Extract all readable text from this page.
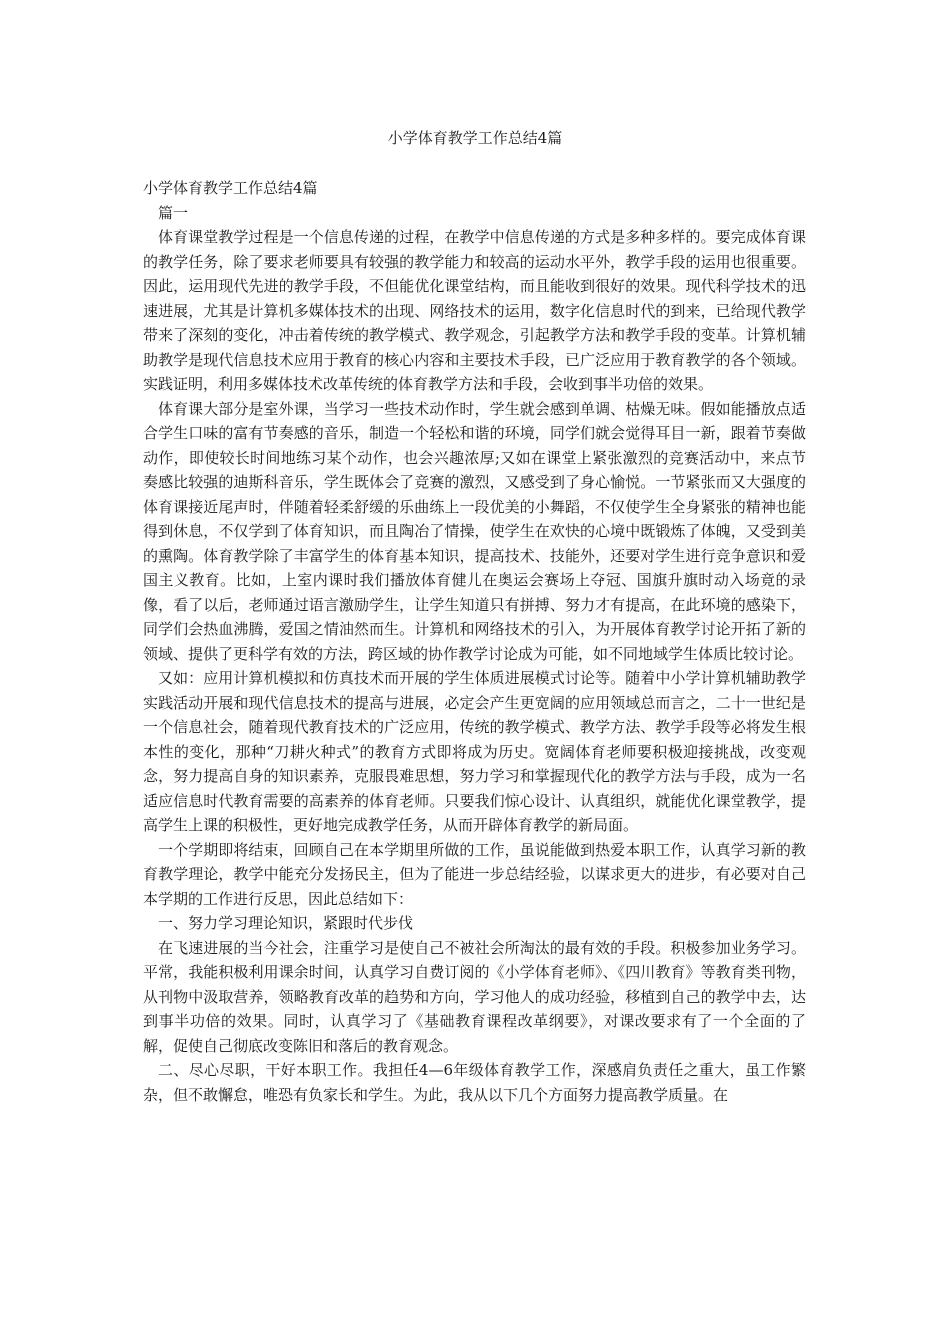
小学体育教学工作总结4篇

小学体育教学工作总结4篇

篇一

体育课堂教学过程是一个信息传递的过程，在教学中信息传递的方式是多种多样的。要完成体育课的教学任务，除了要求老师要具有较强的教学能力和较高的运动水平外，教学手段的运用也很重要。因此，运用现代先进的教学手段，不但能优化课堂结构，而且能收到很好的效果。现代科学技术的迅速进展，尤其是计算机多媒体技术的出现、网络技术的运用，数字化信息时代的到来，已给现代教学带来了深刻的变化，冲击着传统的教学模式、教学观念，引起教学方法和教学手段的变革。计算机辅助教学是现代信息技术应用于教育的核心内容和主要技术手段，已广泛应用于教育教学的各个领域。实践证明，利用多媒体技术改革传统的体育教学方法和手段，会收到事半功倍的效果。

体育课大部分是室外课，当学习一些技术动作时，学生就会感到单调、枯燥无味。假如能播放点适合学生口味的富有节奏感的音乐，制造一个轻松和谐的环境，同学们就会觉得耳目一新，跟着节奏做动作，即使较长时间地练习某个动作，也会兴趣浓厚;又如在课堂上紧张激烈的竞赛活动中，来点节奏感比较强的迪斯科音乐，学生既体会了竞赛的激烈，又感受到了身心愉悦。一节紧张而又大强度的体育课接近尾声时，伴随着轻柔舒缓的乐曲练上一段优美的小舞蹈，不仅使学生全身紧张的精神也能得到休息，不仅学到了体育知识，而且陶冶了情操，使学生在欢快的心境中既锻炼了体魄，又受到美的熏陶。体育教学除了丰富学生的体育基本知识，提高技术、技能外，还要对学生进行竞争意识和爱国主义教育。比如，上室内课时我们播放体育健儿在奥运会赛场上夺冠、国旗升旗时动入场竟的录像，看了以后，老师通过语言激励学生，让学生知道只有拼搏、努力才有提高，在此环境的感染下，同学们会热血沸腾，爱国之情油然而生。计算机和网络技术的引入，为开展体育教学讨论开拓了新的领域、提供了更科学有效的方法，跨区域的协作教学讨论成为可能，如不同地域学生体质比较讨论。

又如：应用计算机模拟和仿真技术而开展的学生体质进展模式讨论等。随着中小学计算机辅助教学实践活动开展和现代信息技术的提高与进展，必定会产生更宽阔的应用领域总而言之，二十一世纪是一个信息社会，随着现代教育技术的广泛应用，传统的教学模式、教学方法、教学手段等必将发生根本性的变化，那种“刀耕火种式”的教育方式即将成为历史。宽阔体育老师要积极迎接挑战，改变观念，努力提高自身的知识素养，克服畏难思想，努力学习和掌握现代化的教学方法与手段，成为一名适应信息时代教育需要的高素养的体育老师。只要我们惊心设计、认真组织，就能优化课堂教学，提高学生上课的积极性，更好地完成教学任务，从而开辟体育教学的新局面。

一个学期即将结束，回顾自己在本学期里所做的工作，虽说能做到热爱本职工作，认真学习新的教育教学理论，教学中能充分发扬民主，但为了能进一步总结经验，以谋求更大的进步，有必要对自己本学期的工作进行反思，因此总结如下：

一、努力学习理论知识，紧跟时代步伐

在飞速进展的当今社会，注重学习是使自己不被社会所淘汰的最有效的手段。积极参加业务学习。平常，我能积极利用课余时间，认真学习自费订阅的《小学体育老师》、《四川教育》等教育类刊物，从刊物中汲取营养，领略教育改革的趋势和方向，学习他人的成功经验，移植到自己的教学中去，达到事半功倍的效果。同时，认真学习了《基础教育课程改革纲要》，对课改要求有了一个全面的了解，促使自己彻底改变陈旧和落后的教育观念。

二、尽心尽职，干好本职工作。我担任4—6年级体育教学工作，深感肩负责任之重大，虽工作繁杂，但不敢懈怠，唯恐有负家长和学生。为此，我从以下几个方面努力提高教学质量。在
